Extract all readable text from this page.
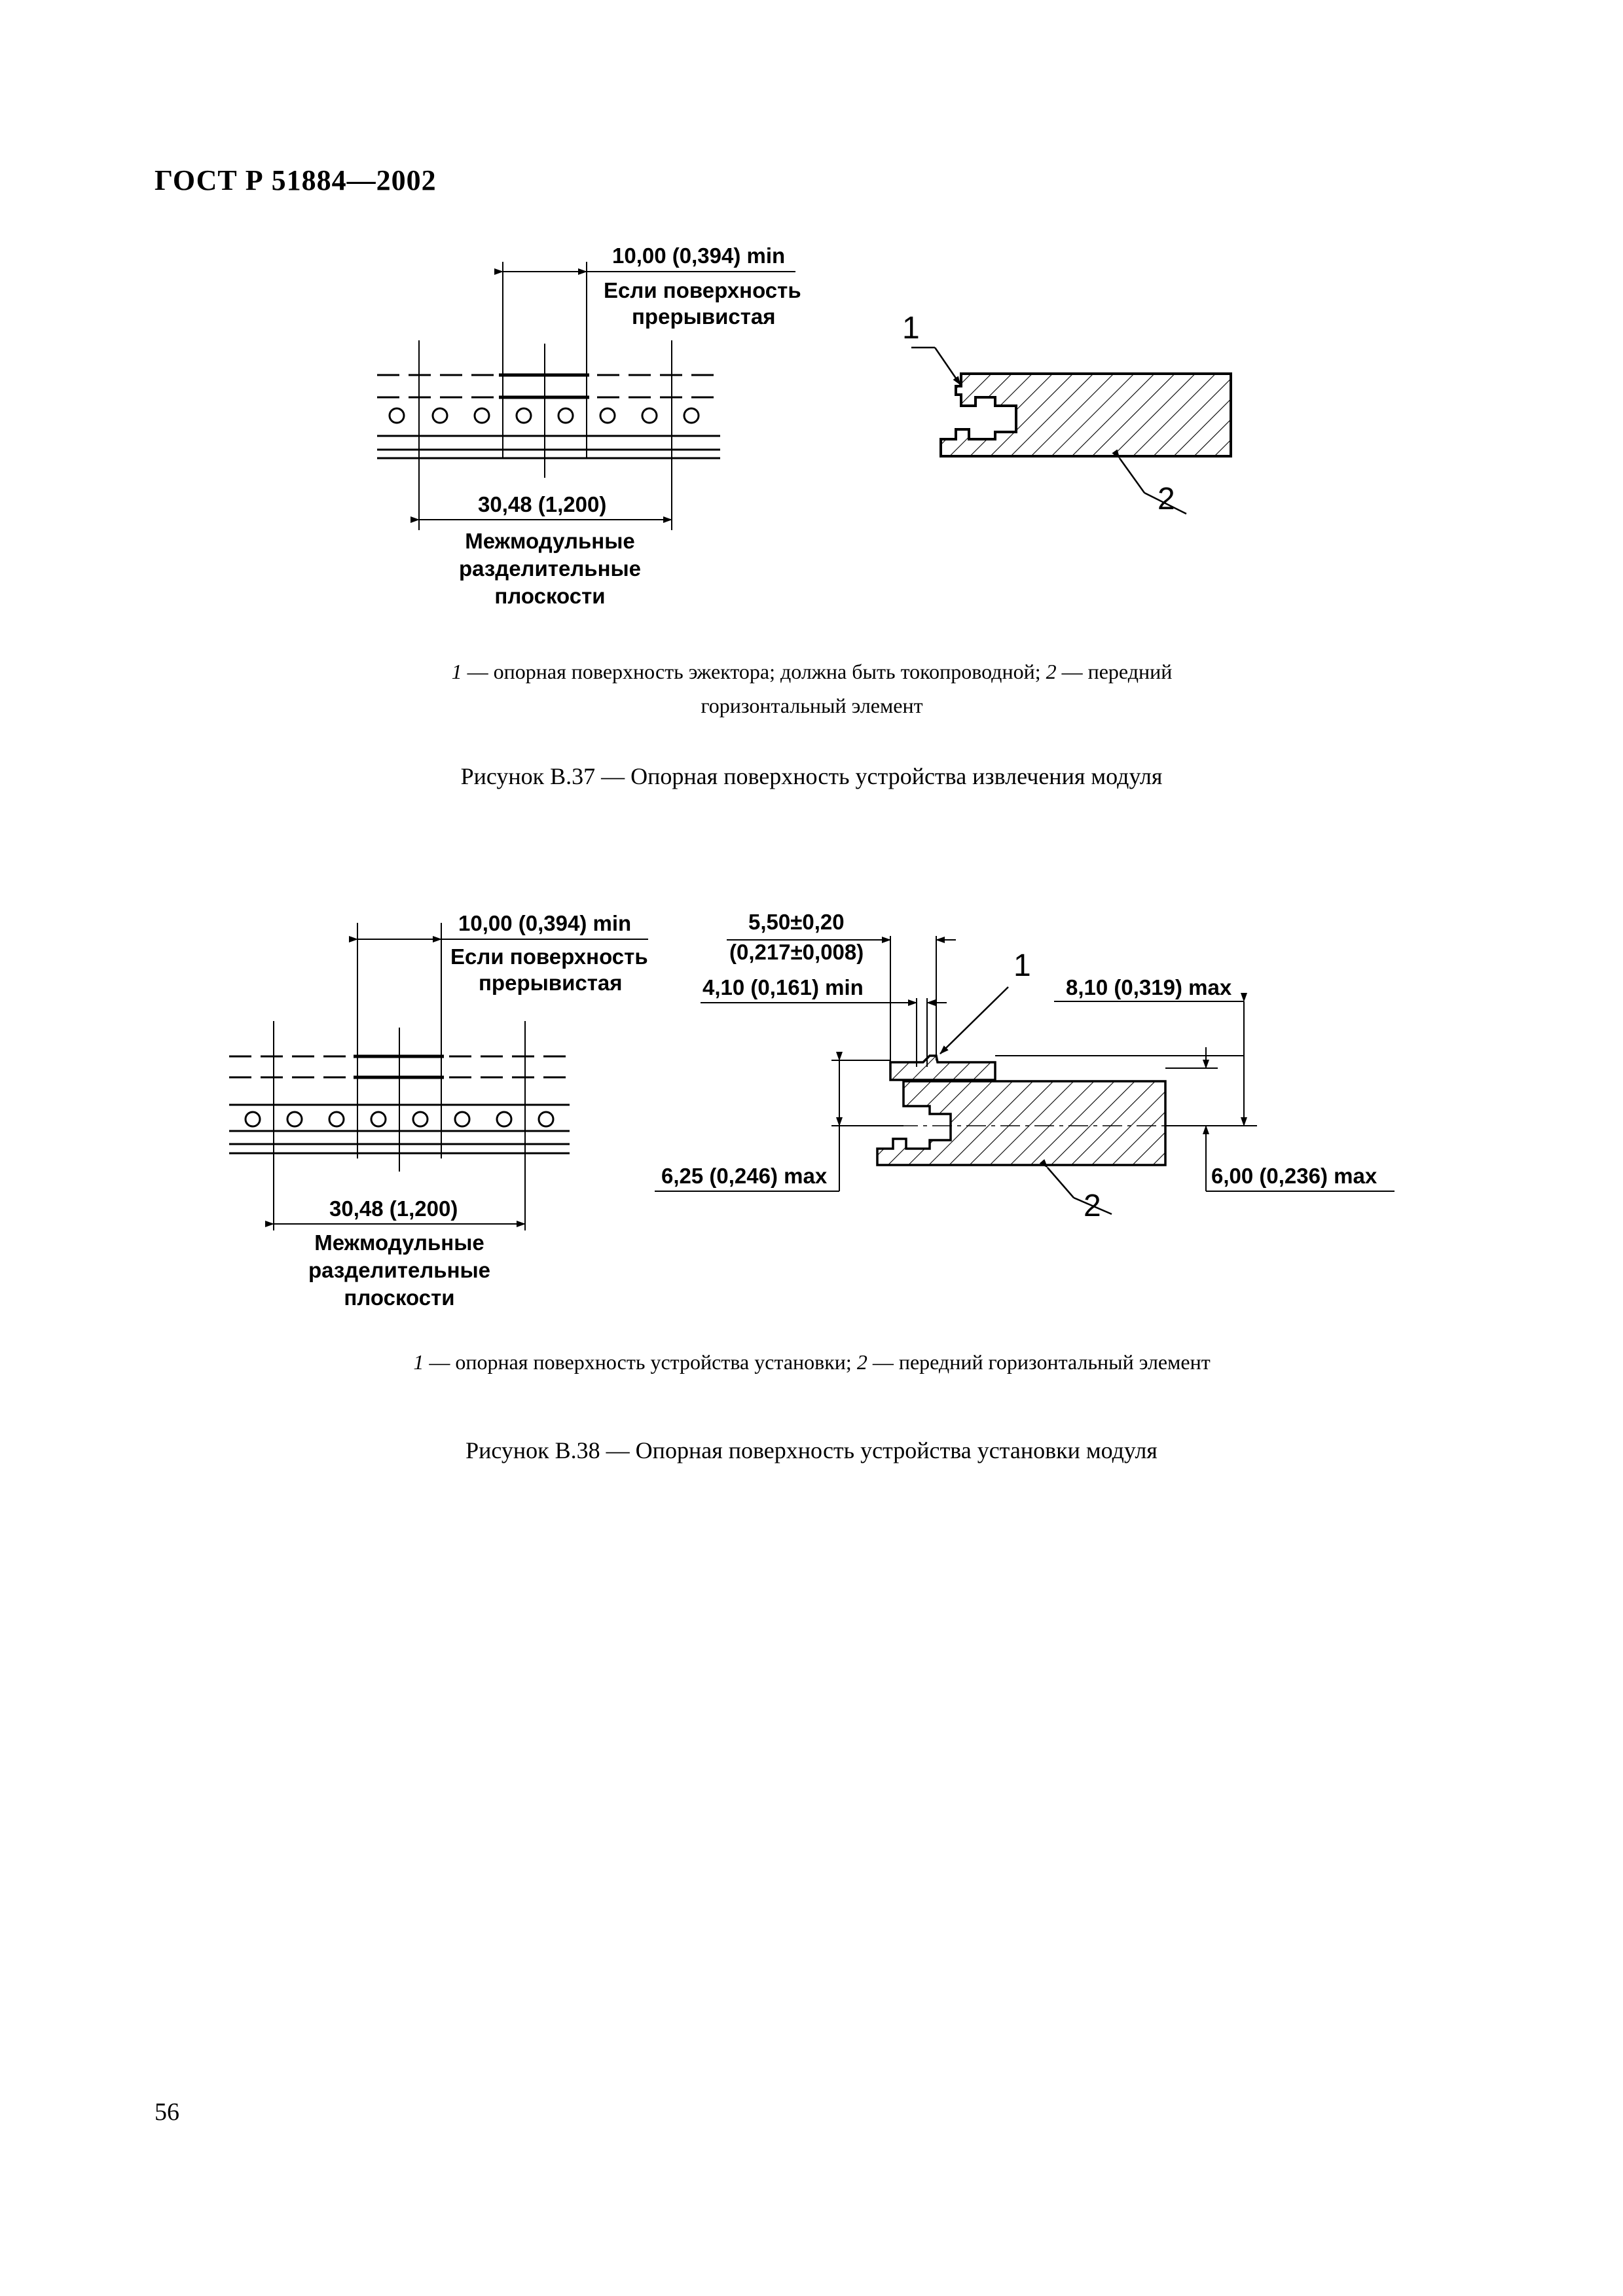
ГОСТ Р 51884—2002
10,00 (0,394) min
Если поверхность
прерывистая
30,48 (1,200)
Межмодульные
разделительные
плоскости
1
2
1 — опорная поверхность эжектора; должна быть токопроводной; 2 — передний
горизонтальный элемент
Рисунок В.37 — Опорная поверхность устройства извлечения модуля
10,00 (0,394) min
Если поверхность
прерывистая
30,48 (1,200)
Межмодульные
разделительные
плоскости
5,50±0,20
(0,217±0,008)
4,10 (0,161) min	8,10 (0,319) max
6,25 (0,246) max	6,00 (0,236) max
1
2
1 — опорная поверхность устройства установки; 2 — передний горизонтальный элемент
Рисунок В.38 — Опорная поверхность устройства установки модуля
56
